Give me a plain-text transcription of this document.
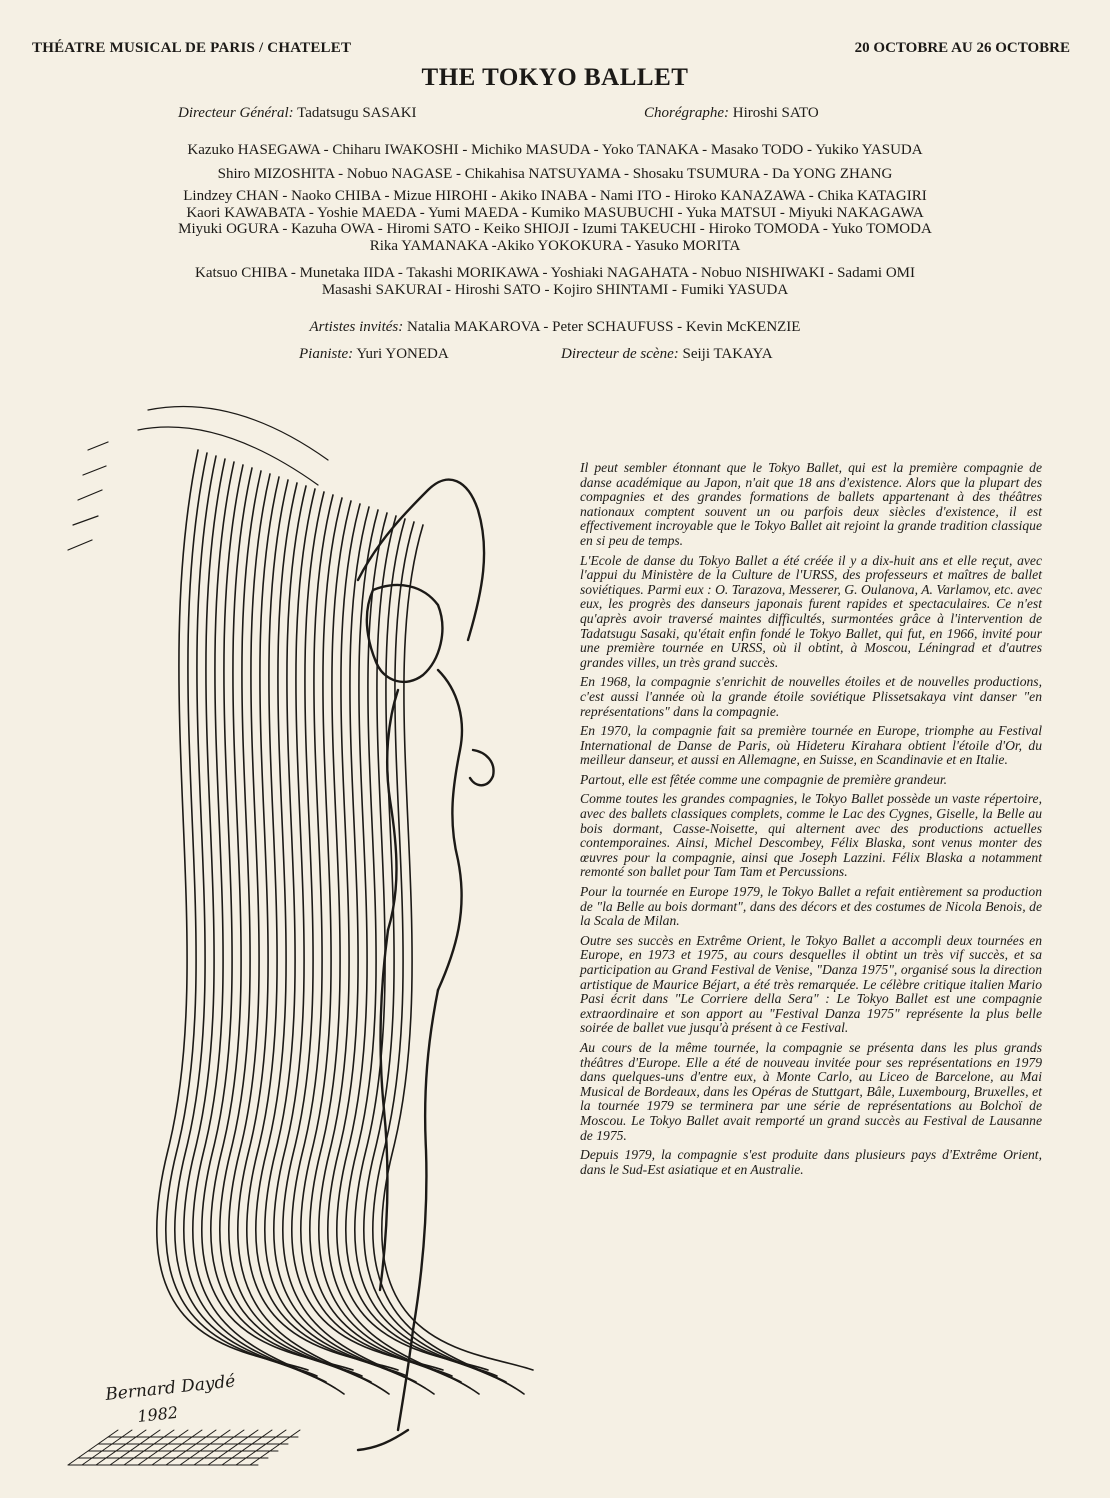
THÉATRE MUSICAL DE PARIS / CHATELET	20 OCTOBRE AU 26 OCTOBRE
THE TOKYO BALLET
Directeur Général: Tadatsugu SASAKI	Chorégraphe: Hiroshi SATO
Kazuko HASEGAWA - Chiharu IWAKOSHI - Michiko MASUDA - Yoko TANAKA - Masako TODO - Yukiko YASUDA
Shiro MIZOSHITA - Nobuo NAGASE - Chikahisa NATSUYAMA - Shosaku TSUMURA - Da YONG ZHANG
Lindzey CHAN - Naoko CHIBA - Mizue HIROHI - Akiko INABA - Nami ITO - Hiroko KANAZAWA - Chika KATAGIRI
Kaori KAWABATA - Yoshie MAEDA - Yumi MAEDA - Kumiko MASUBUCHI - Yuka MATSUI - Miyuki NAKAGAWA
Miyuki OGURA - Kazuha OWA - Hiromi SATO - Keiko SHIOJI - Izumi TAKEUCHI - Hiroko TOMODA - Yuko TOMODA
Rika YAMANAKA -Akiko YOKOKURA - Yasuko MORITA
Katsuo CHIBA - Munetaka IIDA - Takashi MORIKAWA - Yoshiaki NAGAHATA - Nobuo NISHIWAKI - Sadami OMI
Masashi SAKURAI - Hiroshi SATO - Kojiro SHINTAMI - Fumiki YASUDA
Artistes invités: Natalia MAKAROVA - Peter SCHAUFUSS - Kevin McKENZIE
Pianiste: Yuri YONEDA	Directeur de scène: Seiji TAKAYA
Bernard Daydé
1982

Il peut sembler étonnant que le Tokyo Ballet, qui est la première compagnie de danse académique au Japon, n'ait que 18 ans d'existence. Alors que la plupart des compagnies et des grandes formations de ballets appartenant à des théâtres nationaux comptent souvent un ou parfois deux siècles d'existence, il est effectivement incroyable que le Tokyo Ballet ait rejoint la grande tradition classique en si peu de temps.

L'Ecole de danse du Tokyo Ballet a été créée il y a dix-huit ans et elle reçut, avec l'appui du Ministère de la Culture de l'URSS, des professeurs et maîtres de ballet soviétiques. Parmi eux : O. Tarazova, Messerer, G. Oulanova, A. Varlamov, etc. avec eux, les progrès des danseurs japonais furent rapides et spectaculaires. Ce n'est qu'après avoir traversé maintes difficultés, surmontées grâce à l'intervention de Tadatsugu Sasaki, qu'était enfin fondé le Tokyo Ballet, qui fut, en 1966, invité pour une première tournée en URSS, où il obtint, à Moscou, Léningrad et d'autres grandes villes, un très grand succès.

En 1968, la compagnie s'enrichit de nouvelles étoiles et de nouvelles productions, c'est aussi l'année où la grande étoile soviétique Plissetsakaya vint danser "en représentations" dans la compagnie.

En 1970, la compagnie fait sa première tournée en Europe, triomphe au Festival International de Danse de Paris, où Hideteru Kirahara obtient l'étoile d'Or, du meilleur danseur, et aussi en Allemagne, en Suisse, en Scandinavie et en Italie.

Partout, elle est fêtée comme une compagnie de première grandeur.

Comme toutes les grandes compagnies, le Tokyo Ballet possède un vaste répertoire, avec des ballets classiques complets, comme le Lac des Cygnes, Giselle, la Belle au bois dormant, Casse-Noisette, qui alternent avec des productions actuelles contemporaines. Ainsi, Michel Descombey, Félix Blaska, sont venus monter des œuvres pour la compagnie, ainsi que Joseph Lazzini. Félix Blaska a notamment remonté son ballet pour Tam Tam et Percussions.

Pour la tournée en Europe 1979, le Tokyo Ballet a refait entièrement sa production de "la Belle au bois dormant", dans des décors et des costumes de Nicola Benois, de la Scala de Milan.

Outre ses succès en Extrême Orient, le Tokyo Ballet a accompli deux tournées en Europe, en 1973 et 1975, au cours desquelles il obtint un très vif succès, et sa participation au Grand Festival de Venise, "Danza 1975", organisé sous la direction artistique de Maurice Béjart, a été très remarquée. Le célèbre critique italien Mario Pasi écrit dans "Le Corriere della Sera" : Le Tokyo Ballet est une compagnie extraordinaire et son apport au "Festival Danza 1975" représente la plus belle soirée de ballet vue jusqu'à présent à ce Festival.

Au cours de la même tournée, la compagnie se présenta dans les plus grands théâtres d'Europe. Elle a été de nouveau invitée pour ses représentations en 1979 dans quelques-uns d'entre eux, à Monte Carlo, au Liceo de Barcelone, au Mai Musical de Bordeaux, dans les Opéras de Stuttgart, Bâle, Luxembourg, Bruxelles, et la tournée 1979 se terminera par une série de représentations au Bolchoï de Moscou. Le Tokyo Ballet avait remporté un grand succès au Festival de Lausanne de 1975.

Depuis 1979, la compagnie s'est produite dans plusieurs pays d'Extrême Orient, dans le Sud-Est asiatique et en Australie.
